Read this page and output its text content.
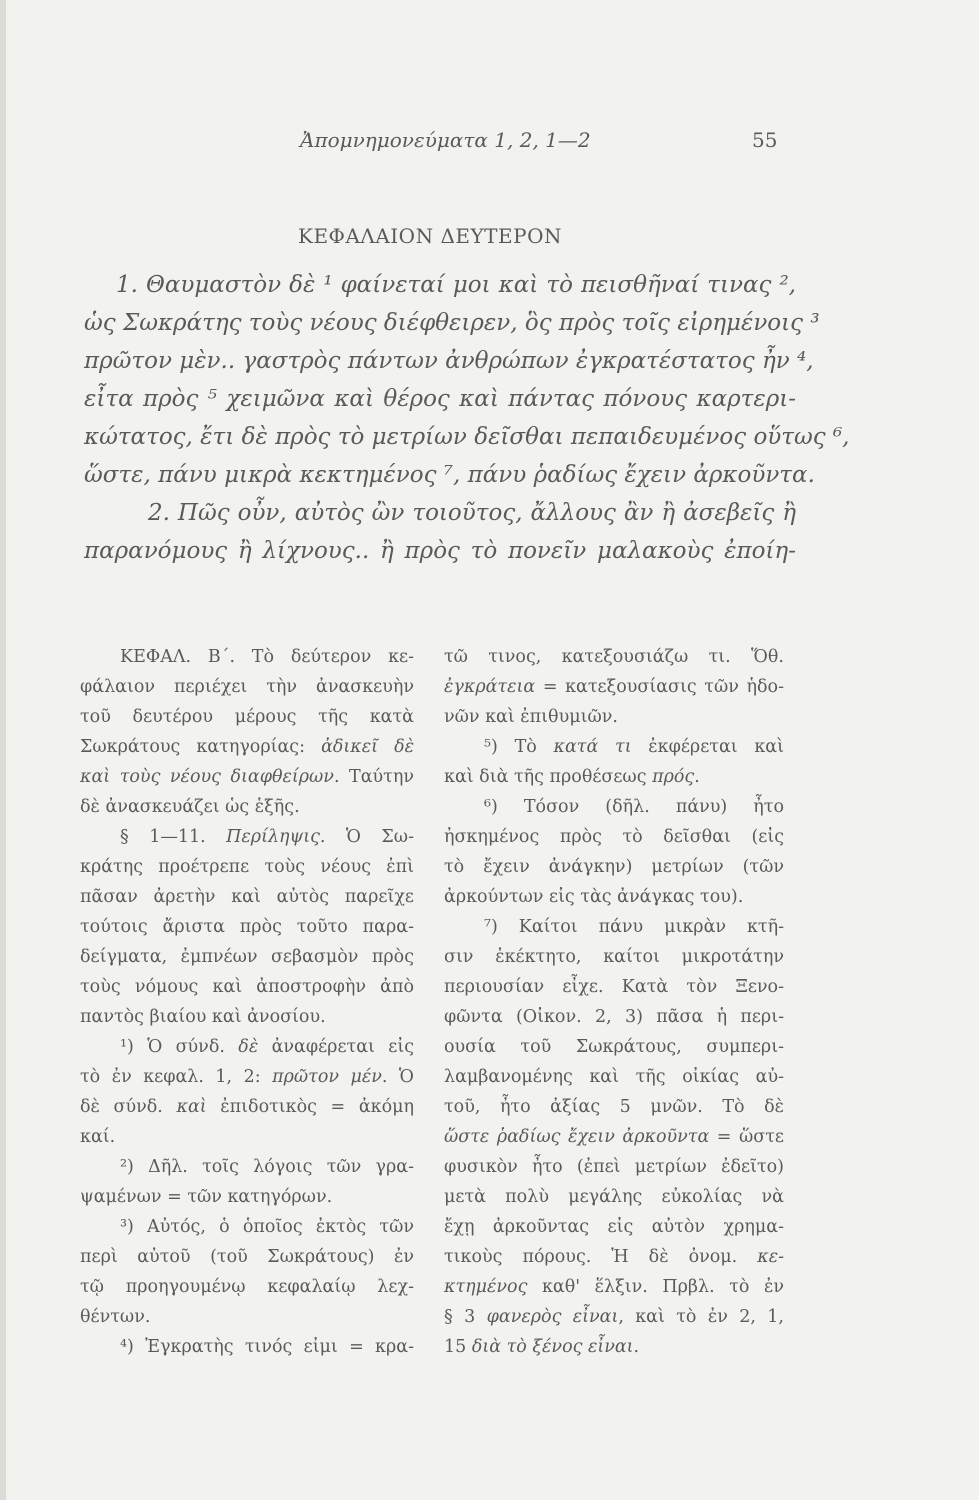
Ἀπομνημονεύματα 1, 2, 1—2	55
ΚΕΦΑΛΑΙΟΝ ΔΕΥΤΕΡΟΝ
1. Θαυμαστὸν δὲ ¹ φαίνεταί μοι καὶ τὸ πεισθῆναί τινας ²,
ὡς Σωκράτης τοὺς νέους διέφθειρεν, ὃς πρὸς τοῖς εἰρημένοις ³
πρῶτον μὲν.. γαστρὸς πάντων ἀνθρώπων ἐγκρατέστατος ἦν ⁴,
εἶτα πρὸς ⁵ χειμῶνα καὶ θέρος καὶ πάντας πόνους καρτερι-
κώτατος, ἔτι δὲ πρὸς τὸ μετρίων δεῖσθαι πεπαιδευμένος οὕτως ⁶,
ὥστε, πάνυ μικρὰ κεκτημένος ⁷, πάνυ ῥαδίως ἔχειν ἀρκοῦντα.
2. Πῶς οὖν, αὐτὸς ὢν τοιοῦτος, ἄλλους ἂν ἢ ἀσεβεῖς ἢ
παρανόμους ἢ λίχνους.. ἢ πρὸς τὸ πονεῖν μαλακοὺς ἐποίη-
ΚΕΦΑΛ. Β΄. Τὸ δεύτερον κε-
φάλαιον περιέχει τὴν ἀνασκευὴν
τοῦ δευτέρου μέρους τῆς κατὰ
Σωκράτους κατηγορίας: ἀδικεῖ δὲ
καὶ τοὺς νέους διαφθείρων. Ταύτην
δὲ ἀνασκευάζει ὡς ἑξῆς.
§ 1—11. Περίληψις. Ὁ Σω-
κράτης προέτρεπε τοὺς νέους ἐπὶ
πᾶσαν ἀρετὴν καὶ αὐτὸς παρεῖχε
τούτοις ἄριστα πρὸς τοῦτο παρα-
δείγματα, ἐμπνέων σεβασμὸν πρὸς
τοὺς νόμους καὶ ἀποστροφὴν ἀπὸ
παντὸς βιαίου καὶ ἀνοσίου.
¹) Ὁ σύνδ. δὲ ἀναφέρεται εἰς
τὸ ἐν κεφαλ. 1, 2: πρῶτον μέν. Ὁ
δὲ σύνδ. καὶ ἐπιδοτικὸς = ἀκόμη
καί.
²) Δῆλ. τοῖς λόγοις τῶν γρα-
ψαμένων = τῶν κατηγόρων.
³) Αὐτός, ὁ ὁποῖος ἐκτὸς τῶν
περὶ αὐτοῦ (τοῦ Σωκράτους) ἐν
τῷ προηγουμένῳ κεφαλαίῳ λεχ-
θέντων.
⁴) Ἐγκρατὴς τινός εἰμι = κρα-
τῶ τινος, κατεξουσιάζω τι. Ὅθ.
ἐγκράτεια = κατεξουσίασις τῶν ἡδο-
νῶν καὶ ἐπιθυμιῶν.
⁵) Τὸ κατά τι ἐκφέρεται καὶ
καὶ διὰ τῆς προθέσεως πρός.
⁶) Τόσον (δῆλ. πάνυ) ἦτο
ἠσκημένος πρὸς τὸ δεῖσθαι (εἰς
τὸ ἔχειν ἀνάγκην) μετρίων (τῶν
ἀρκούντων εἰς τὰς ἀνάγκας του).
⁷) Καίτοι πάνυ μικρὰν κτῆ-
σιν ἐκέκτητο, καίτοι μικροτάτην
περιουσίαν εἶχε. Κατὰ τὸν Ξενο-
φῶντα (Οἰκον. 2, 3) πᾶσα ἡ περι-
ουσία τοῦ Σωκράτους, συμπερι-
λαμβανομένης καὶ τῆς οἰκίας αὐ-
τοῦ, ἦτο ἀξίας 5 μνῶν. Τὸ δὲ
ὥστε ῥαδίως ἔχειν ἀρκοῦντα = ὥστε
φυσικὸν ἦτο (ἐπεὶ μετρίων ἐδεῖτο)
μετὰ πολὺ μεγάλης εὐκολίας νὰ
ἔχῃ ἀρκοῦντας εἰς αὐτὸν χρημα-
τικοὺς πόρους. Ἡ δὲ ὀνομ. κε-
κτημένος καθ' ἕλξιν. Πρβλ. τὸ ἐν
§ 3 φανερὸς εἶναι, καὶ τὸ ἐν 2, 1,
15 διὰ τὸ ξένος εἶναι.
